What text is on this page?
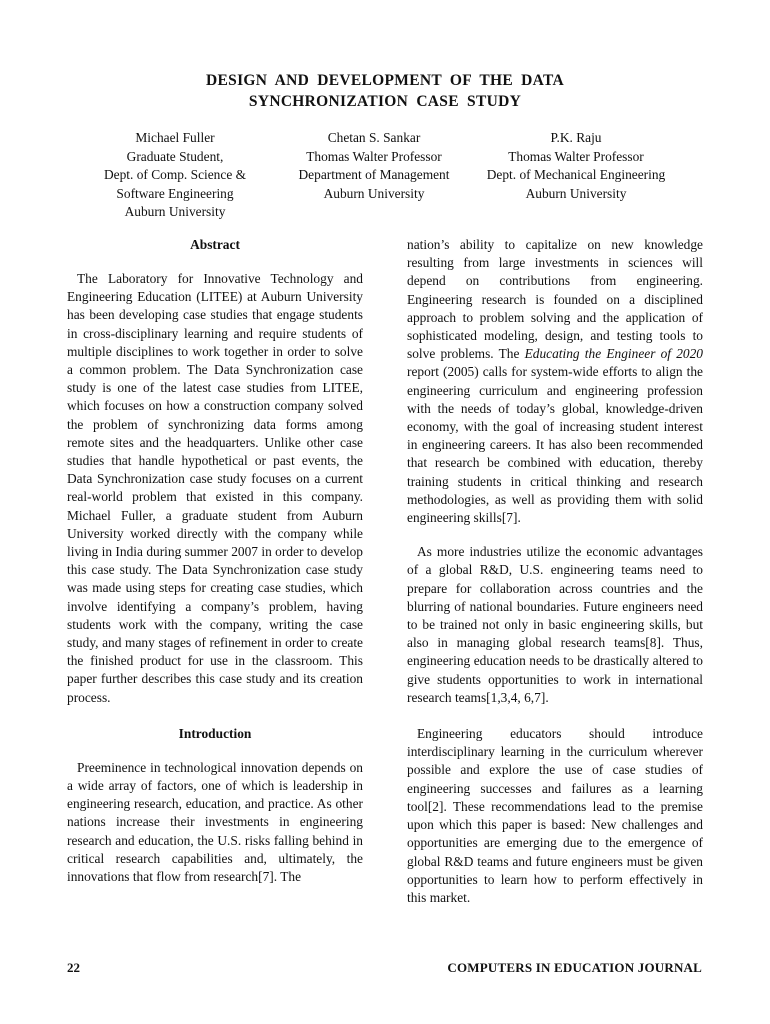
DESIGN AND DEVELOPMENT OF THE DATA
SYNCHRONIZATION CASE STUDY
Michael Fuller
Graduate Student,
Dept. of Comp. Science &
Software Engineering
Auburn University
Chetan S. Sankar
Thomas Walter Professor
Department of Management
Auburn University
P.K. Raju
Thomas Walter Professor
Dept. of Mechanical Engineering
Auburn University
Abstract

The Laboratory for Innovative Technology and Engineering Education (LITEE) at Auburn University has been developing case studies that engage students in cross-disciplinary learning and require students of multiple disciplines to work together in order to solve a common problem. The Data Synchronization case study is one of the latest case studies from LITEE, which focuses on how a construction company solved the problem of synchronizing data forms among remote sites and the headquarters. Unlike other case studies that handle hypothetical or past events, the Data Synchronization case study focuses on a current real-world problem that existed in this company. Michael Fuller, a graduate student from Auburn University worked directly with the company while living in India during summer 2007 in order to develop this case study. The Data Synchronization case study was made using steps for creating case studies, which involve identifying a company’s problem, having students work with the company, writing the case study, and many stages of refinement in order to create the finished product for use in the classroom. This paper further describes this case study and its creation process.

Introduction

Preeminence in technological innovation depends on a wide array of factors, one of which is leadership in engineering research, education, and practice. As other nations increase their investments in engineering research and education, the U.S. risks falling behind in critical research capabilities and, ultimately, the innovations that flow from research[7]. The

nation’s ability to capitalize on new knowledge resulting from large investments in sciences will depend on contributions from engineering. Engineering research is founded on a disciplined approach to problem solving and the application of sophisticated modeling, design, and testing tools to solve problems. The Educating the Engineer of 2020 report (2005) calls for system-wide efforts to align the engineering curriculum and engineering profession with the needs of today’s global, knowledge-driven economy, with the goal of increasing student interest in engineering careers. It has also been recommended that research be combined with education, thereby training students in critical thinking and research methodologies, as well as providing them with solid engineering skills[7].

As more industries utilize the economic advantages of a global R&D, U.S. engineering teams need to prepare for collaboration across countries and the blurring of national boundaries. Future engineers need to be trained not only in basic engineering skills, but also in managing global research teams[8]. Thus, engineering education needs to be drastically altered to give students opportunities to work in international research teams[1,3,4, 6,7].

Engineering educators should introduce interdisciplinary learning in the curriculum wherever possible and explore the use of case studies of engineering successes and failures as a learning tool[2]. These recommendations lead to the premise upon which this paper is based: New challenges and opportunities are emerging due to the emergence of global R&D teams and future engineers must be given opportunities to learn how to perform effectively in this market.

22	COMPUTERS IN EDUCATION JOURNAL
